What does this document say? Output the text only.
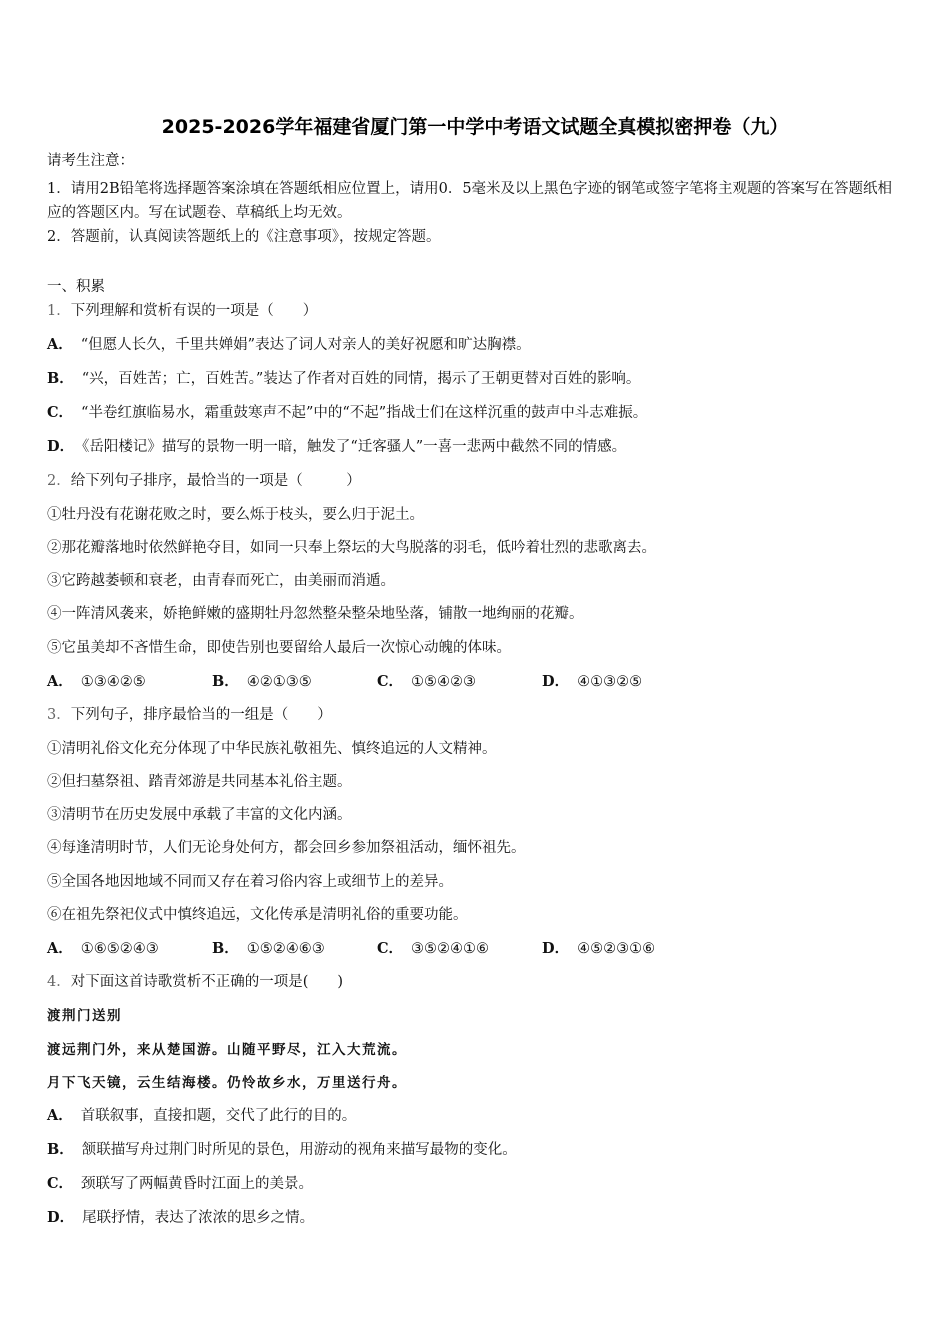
2025-2026学年福建省厦门第一中学中考语文试题全真模拟密押卷（九）
请考生注意：
1．请用2B铅笔将选择题答案涂填在答题纸相应位置上，请用0．5毫米及以上黑色字迹的钢笔或签字笔将主观题的答案写在答题纸相应的答题区内。写在试题卷、草稿纸上均无效。
2．答题前，认真阅读答题纸上的《注意事项》，按规定答题。
一、积累
1．下列理解和赏析有误的一项是（　　）
A． “但愿人长久，千里共婵娟”表达了词人对亲人的美好祝愿和旷达胸襟。
B． “兴，百姓苦；亡，百姓苦。”装达了作者对百姓的同情，揭示了王朝更替对百姓的影响。
C． “半卷红旗临易水，霜重鼓寒声不起”中的“不起”指战士们在这样沉重的鼓声中斗志难振。
D． 《岳阳楼记》描写的景物一明一暗，触发了“迁客骚人”一喜一悲两中截然不同的情感。
2．给下列句子排序，最恰当的一项是（　　　）
①牡丹没有花谢花败之时，要么烁于枝头，要么归于泥土。
②那花瓣落地时依然鲜艳夺目，如同一只奉上祭坛的大鸟脱落的羽毛，低吟着壮烈的悲歌离去。
③它跨越萎顿和衰老，由青春而死亡，由美丽而消遁。
④一阵清风袭来，娇艳鲜嫩的盛期牡丹忽然整朵整朵地坠落，铺散一地绚丽的花瓣。
⑤它虽美却不吝惜生命，即使告别也要留给人最后一次惊心动魄的体味。
A． ①③④②⑤	B． ④②①③⑤	C． ①⑤④②③	D． ④①③②⑤
3．下列句子，排序最恰当的一组是（　　）
①清明礼俗文化充分体现了中华民族礼敬祖先、慎终追远的人文精神。
②但扫墓祭祖、踏青郊游是共同基本礼俗主题。
③清明节在历史发展中承载了丰富的文化内涵。
④每逢清明时节，人们无论身处何方，都会回乡参加祭祖活动，缅怀祖先。
⑤全国各地因地域不同而又存在着习俗内容上或细节上的差异。
⑥在祖先祭祀仪式中慎终追远，文化传承是清明礼俗的重要功能。
A． ①⑥⑤②④③	B． ①⑤②④⑥③	C． ③⑤②④①⑥	D． ④⑤②③①⑥
4．对下面这首诗歌赏析不正确的一项是(　　)
渡荆门送别
渡远荆门外，来从楚国游。山随平野尽，江入大荒流。
月下飞天镜，云生结海楼。仍怜故乡水，万里送行舟。
A． 首联叙事，直接扣题，交代了此行的目的。
B． 颔联描写舟过荆门时所见的景色，用游动的视角来描写最物的变化。
C． 颈联写了两幅黄昏时江面上的美景。
D． 尾联抒情，表达了浓浓的思乡之情。
